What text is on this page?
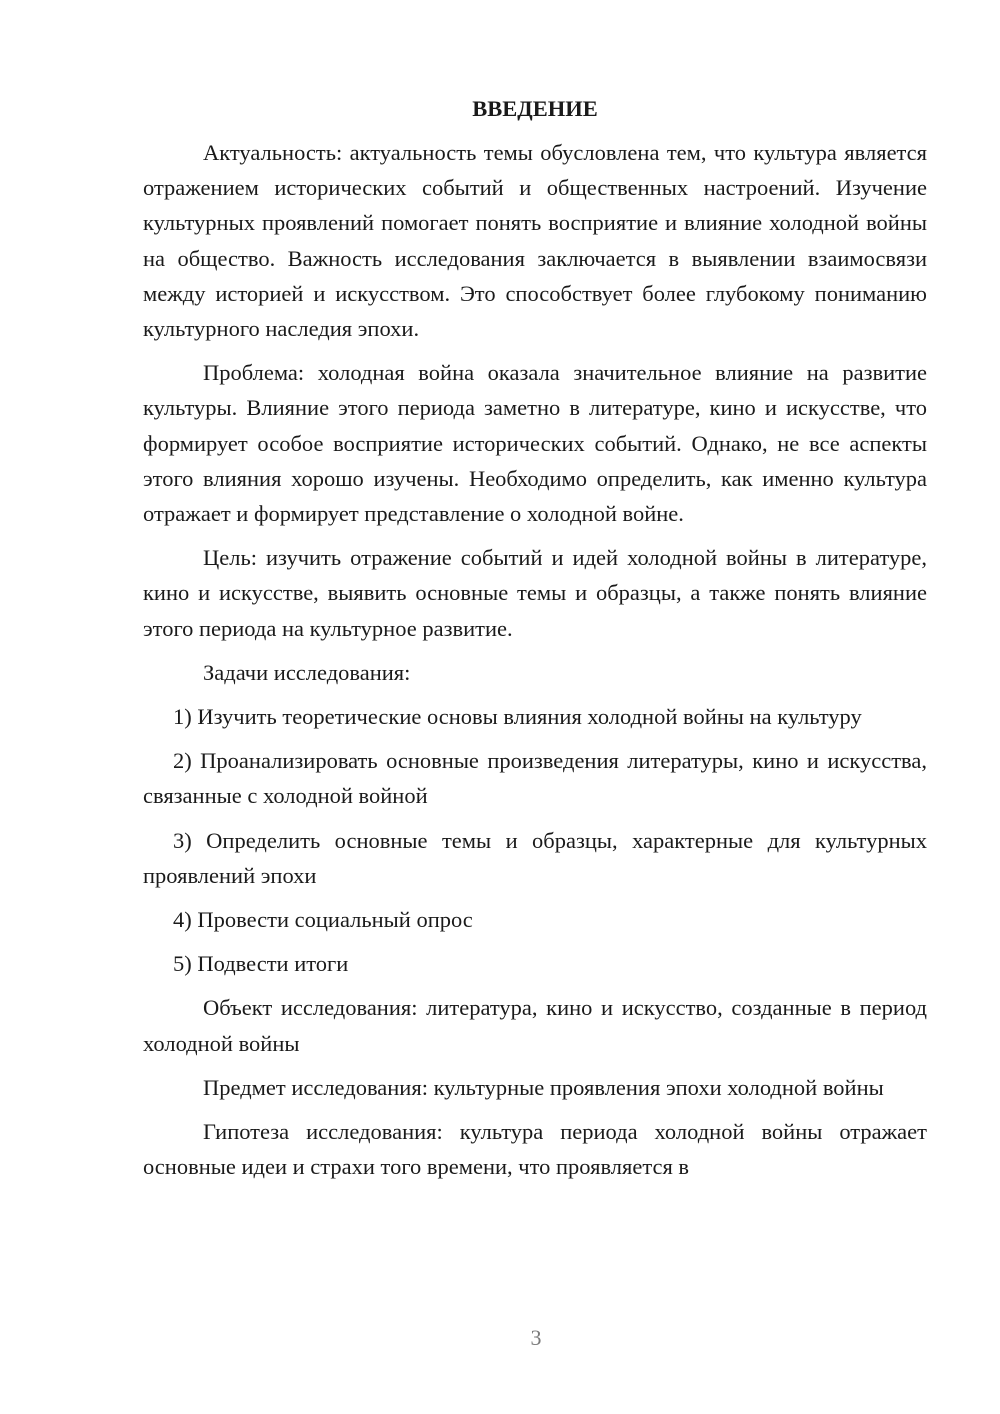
ВВЕДЕНИЕ

Актуальность: актуальность темы обусловлена тем, что культура является отражением исторических событий и общественных настроений. Изучение культурных проявлений помогает понять восприятие и влияние холодной войны на общество. Важность исследования заключается в выявлении взаимосвязи между историей и искусством. Это способствует более глубокому пониманию культурного наследия эпохи.

Проблема: холодная война оказала значительное влияние на развитие культуры. Влияние этого периода заметно в литературе, кино и искусстве, что формирует особое восприятие исторических событий. Однако, не все аспекты этого влияния хорошо изучены. Необходимо определить, как именно культура отражает и формирует представление о холодной войне.

Цель: изучить отражение событий и идей холодной войны в литературе, кино и искусстве, выявить основные темы и образцы, а также понять влияние этого периода на культурное развитие.

Задачи исследования:

1) Изучить теоретические основы влияния холодной войны на культуру

2) Проанализировать основные произведения литературы, кино и искусства, связанные с холодной войной

3) Определить основные темы и образцы, характерные для культурных проявлений эпохи

4) Провести социальный опрос

5) Подвести итоги

Объект исследования: литература, кино и искусство, созданные в период холодной войны

Предмет исследования: культурные проявления эпохи холодной войны

Гипотеза исследования: культура периода холодной войны отражает основные идеи и страхи того времени, что проявляется в

3
